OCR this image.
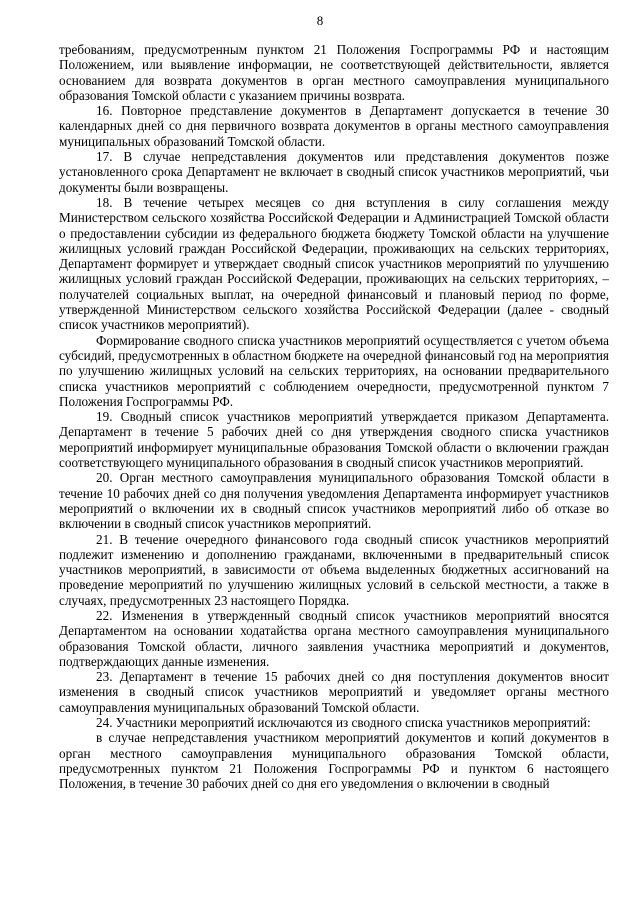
8

требованиям, предусмотренным пунктом 21 Положения Госпрограммы РФ и настоящим Положением, или выявление информации, не соответствующей действительности, является основанием для возврата документов в орган местного самоуправления муниципального образования Томской области с указанием причины возврата.

16. Повторное представление документов в Департамент допускается в течение 30 календарных дней со дня первичного возврата документов в органы местного самоуправления муниципальных образований Томской области.

17. В случае непредставления документов или представления документов позже установленного срока Департамент не включает в сводный список участников мероприятий, чьи документы были возвращены.

18. В течение четырех месяцев со дня вступления в силу соглашения между Министерством сельского хозяйства Российской Федерации и Администрацией Томской области о предоставлении субсидии из федерального бюджета бюджету Томской области на улучшение жилищных условий граждан Российской Федерации, проживающих на сельских территориях, Департамент формирует и утверждает сводный список участников мероприятий по улучшению жилищных условий граждан Российской Федерации, проживающих на сельских территориях, – получателей социальных выплат, на очередной финансовый и плановый период по форме, утвержденной Министерством сельского хозяйства Российской Федерации (далее - сводный список участников мероприятий).

Формирование сводного списка участников мероприятий осуществляется с учетом объема субсидий, предусмотренных в областном бюджете на очередной финансовый год на мероприятия по улучшению жилищных условий на сельских территориях, на основании предварительного списка участников мероприятий с соблюдением очередности, предусмотренной пунктом 7 Положения Госпрограммы РФ.

19. Сводный список участников мероприятий утверждается приказом Департамента. Департамент в течение 5 рабочих дней со дня утверждения сводного списка участников мероприятий информирует муниципальные образования Томской области о включении граждан соответствующего муниципального образования в сводный список участников мероприятий.

20. Орган местного самоуправления муниципального образования Томской области в течение 10 рабочих дней со дня получения уведомления Департамента информирует участников мероприятий о включении их в сводный список участников мероприятий либо об отказе во включении в сводный список участников мероприятий.

21. В течение очередного финансового года сводный список участников мероприятий подлежит изменению и дополнению гражданами, включенными в предварительный список участников мероприятий, в зависимости от объема выделенных бюджетных ассигнований на проведение мероприятий по улучшению жилищных условий в сельской местности, а также в случаях, предусмотренных 23 настоящего Порядка.

22. Изменения в утвержденный сводный список участников мероприятий вносятся Департаментом на основании ходатайства органа местного самоуправления муниципального образования Томской области, личного заявления участника мероприятий и документов, подтверждающих данные изменения.

23. Департамент в течение 15 рабочих дней со дня поступления документов вносит изменения в сводный список участников мероприятий и уведомляет органы местного самоуправления муниципальных образований Томской области.

24. Участники мероприятий исключаются из сводного списка участников мероприятий:

в случае непредставления участником мероприятий документов и копий документов в орган местного самоуправления муниципального образования Томской области, предусмотренных пунктом 21 Положения Госпрограммы РФ и пунктом 6 настоящего Положения, в течение 30 рабочих дней со дня его уведомления о включении в сводный
